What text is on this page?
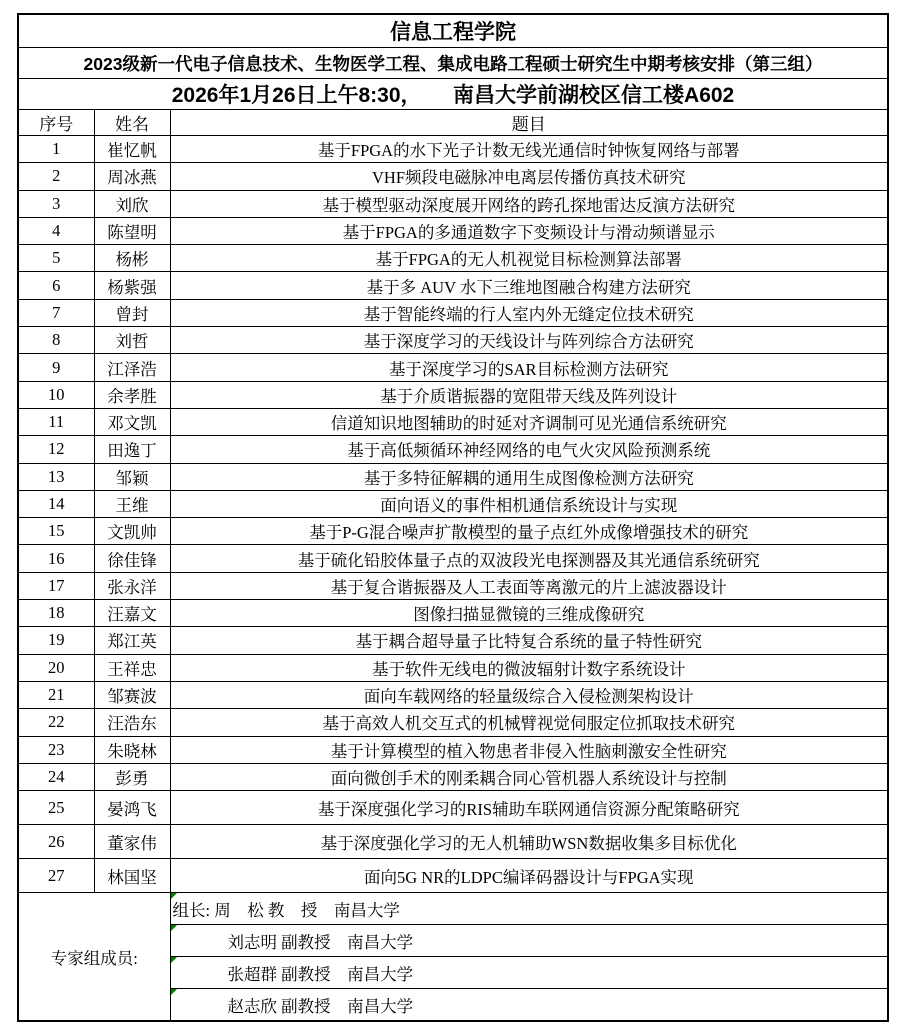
信息工程学院		
2023级新一代电子信息技术、生物医学工程、集成电路工程硕士研究生中期考核安排（第三组）		
2026年1月26日上午8:30，　　南昌大学前湖校区信工楼A602		
序号	姓名	题目
1	崔忆帆	基于FPGA的水下光子计数无线光通信时钟恢复网络与部署
2	周冰燕	VHF频段电磁脉冲电离层传播仿真技术研究
3	刘欣	基于模型驱动深度展开网络的跨孔探地雷达反演方法研究
4	陈望明	基于FPGA的多通道数字下变频设计与滑动频谱显示
5	杨彬	基于FPGA的无人机视觉目标检测算法部署
6	杨紫强	基于多 AUV 水下三维地图融合构建方法研究
7	曾封	基于智能终端的行人室内外无缝定位技术研究
8	刘哲	基于深度学习的天线设计与阵列综合方法研究
9	江泽浩	基于深度学习的SAR目标检测方法研究
10	余孝胜	基于介质谐振器的宽阻带天线及阵列设计
11	邓文凯	信道知识地图辅助的时延对齐调制可见光通信系统研究
12	田逸丁	基于高低频循环神经网络的电气火灾风险预测系统
13	邹颖	基于多特征解耦的通用生成图像检测方法研究
14	王维	面向语义的事件相机通信系统设计与实现
15	文凯帅	基于P-G混合噪声扩散模型的量子点红外成像增强技术的研究
16	徐佳锋	基于硫化铅胶体量子点的双波段光电探测器及其光通信系统研究
17	张永洋	基于复合谐振器及人工表面等离激元的片上滤波器设计
18	汪嘉文	图像扫描显微镜的三维成像研究
19	郑江英	基于耦合超导量子比特复合系统的量子特性研究
20	王祥忠	基于软件无线电的微波辐射计数字系统设计
21	邹赛波	面向车载网络的轻量级综合入侵检测架构设计
22	汪浩东	基于高效人机交互式的机械臂视觉伺服定位抓取技术研究
23	朱晓林	基于计算模型的植入物患者非侵入性脑刺激安全性研究
24	彭勇	面向微创手术的刚柔耦合同心管机器人系统设计与控制
25	晏鸿飞	基于深度强化学习的RIS辅助车联网通信资源分配策略研究
26	董家伟	基于深度强化学习的无人机辅助WSN数据收集多目标优化
27	林国坚	面向5G NR的LDPC编译码器设计与FPGA实现
专家组成员:		组长: 周　松 教　授　南昌大学

刘志明 副教授　南昌大学

张超群 副教授　南昌大学

赵志欣 副教授　南昌大学
